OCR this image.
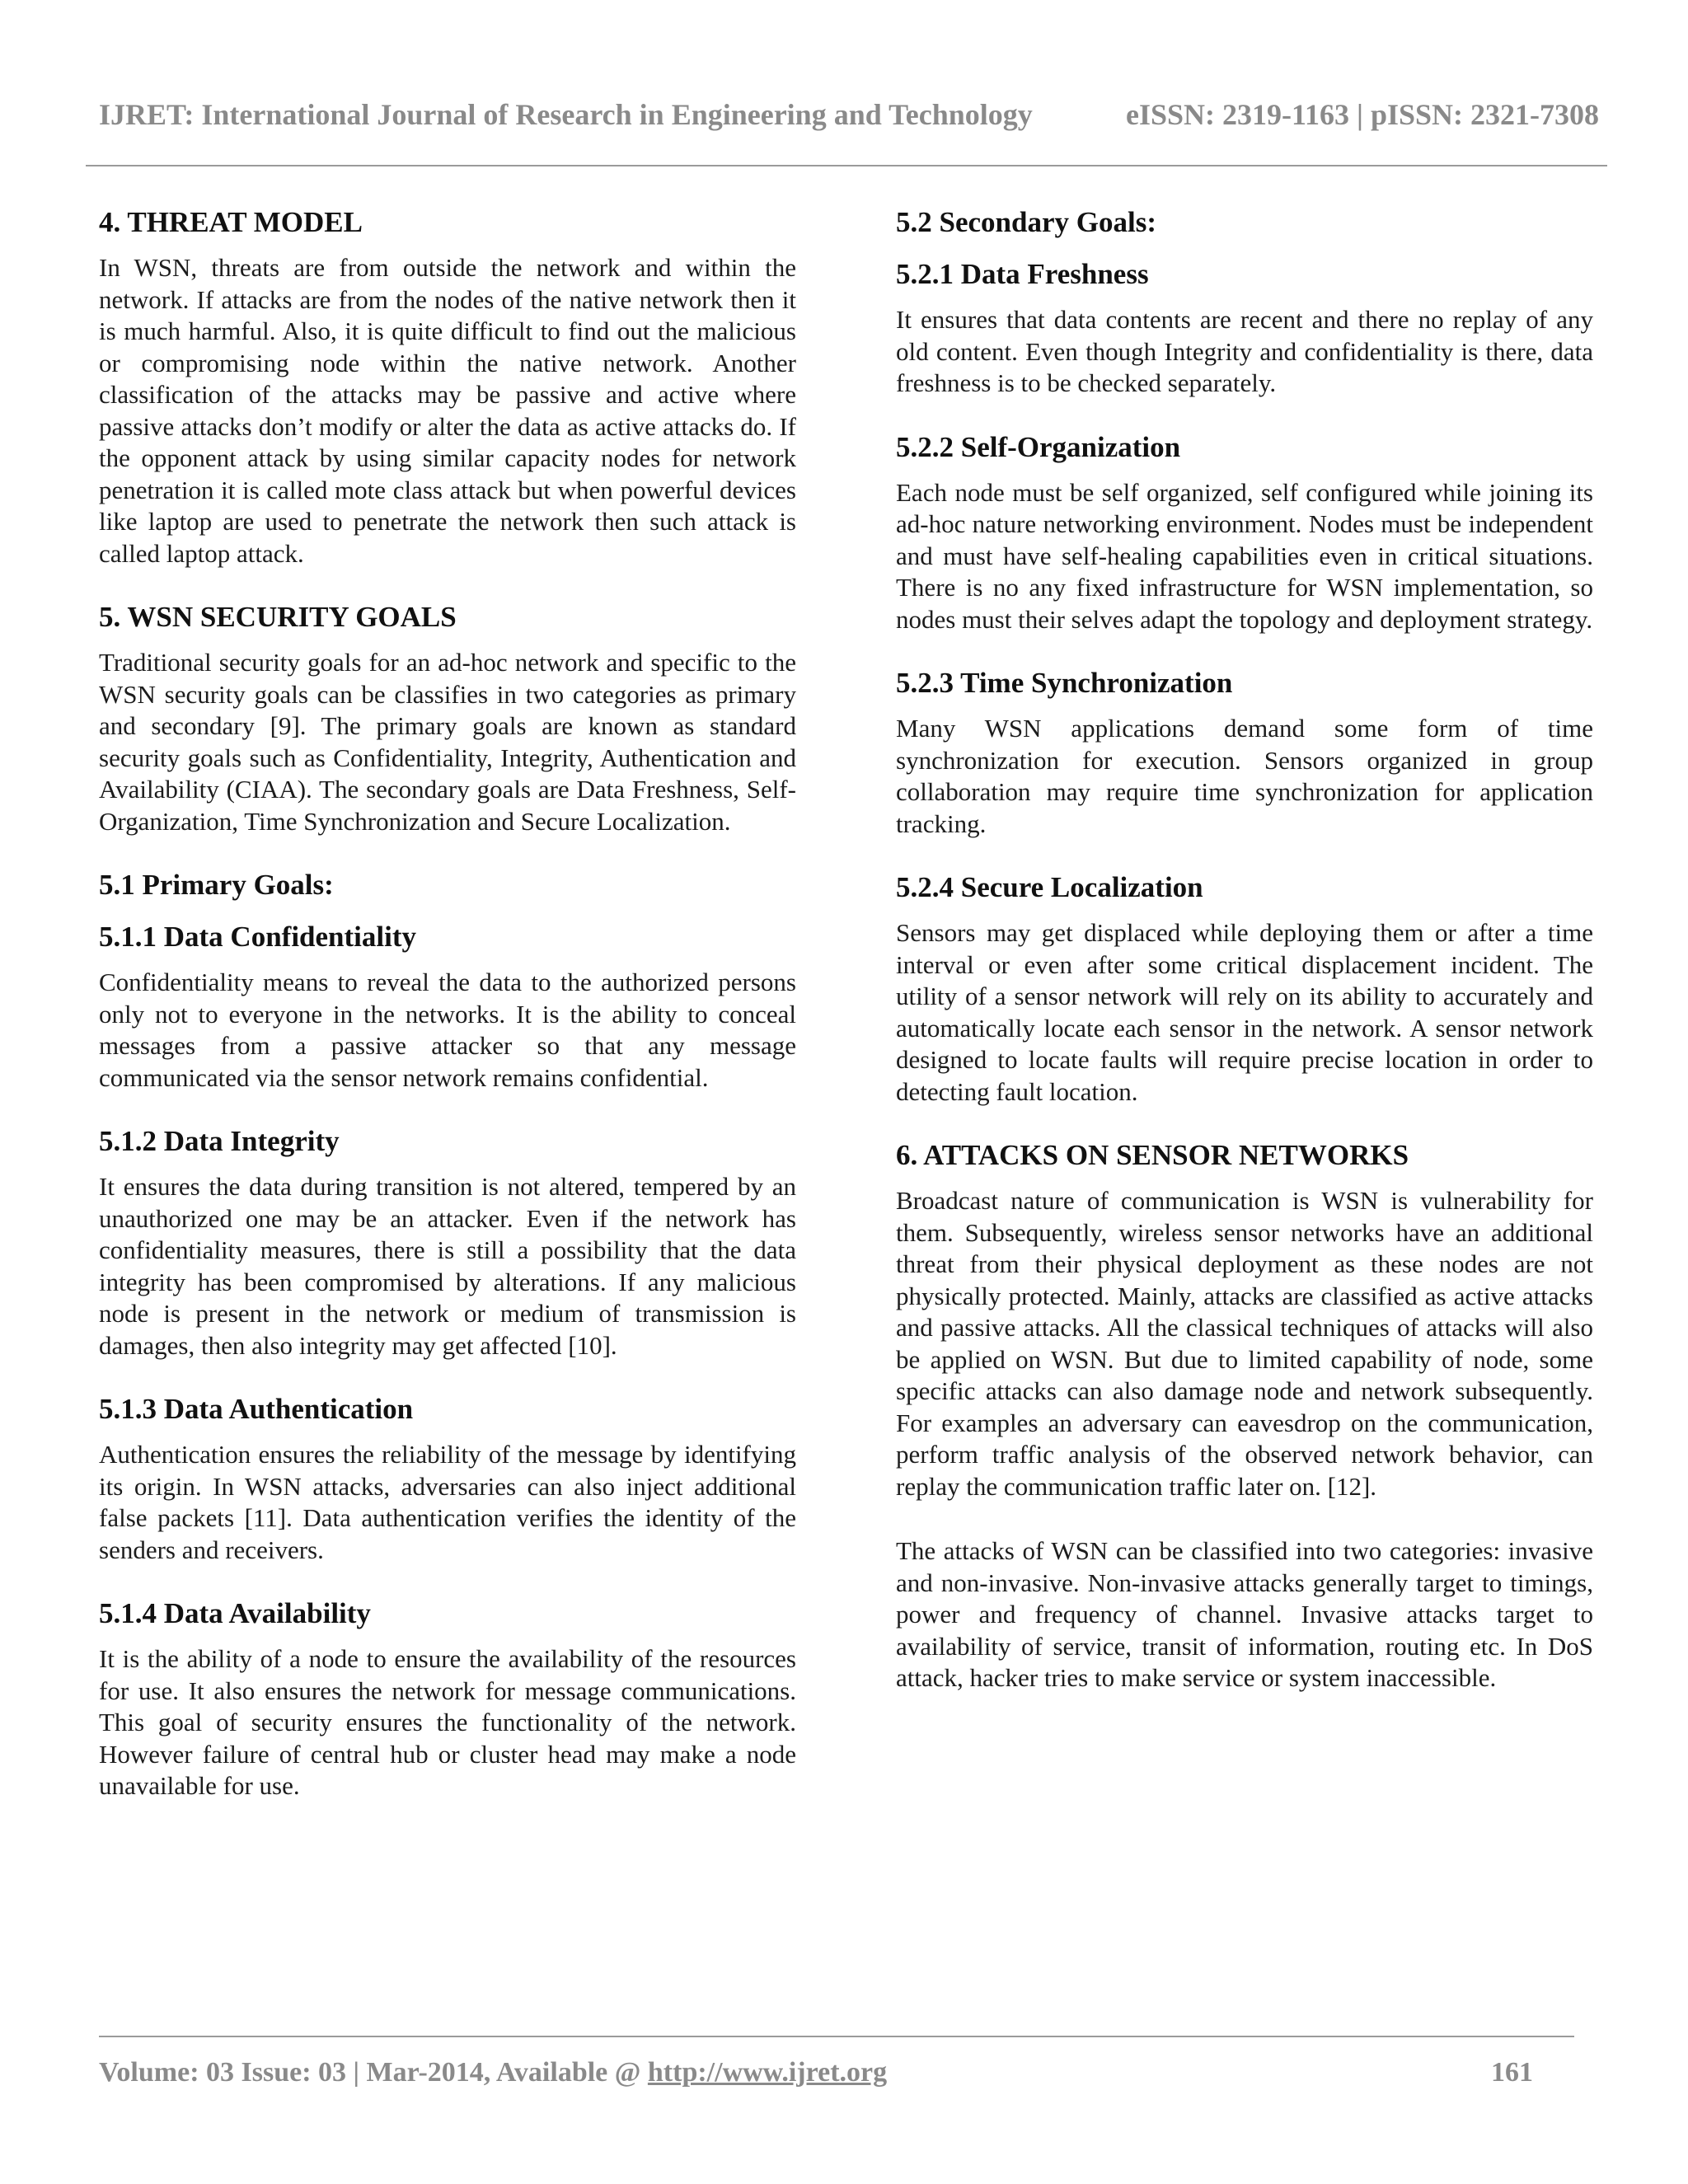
IJRET: International Journal of Research in Engineering and Technology	eISSN: 2319-1163 | pISSN: 2321-7308
4. THREAT MODEL

In WSN, threats are from outside the network and within the network. If attacks are from the nodes of the native network then it is much harmful. Also, it is quite difficult to find out the malicious or compromising node within the native network. Another classification of the attacks may be passive and active where passive attacks don’t modify or alter the data as active attacks do. If the opponent attack by using similar capacity nodes for network penetration it is called mote class attack but when powerful devices like laptop are used to penetrate the network then such attack is called laptop attack.

5. WSN SECURITY GOALS

Traditional security goals for an ad-hoc network and specific to the WSN security goals can be classifies in two categories as primary and secondary [9]. The primary goals are known as standard security goals such as Confidentiality, Integrity, Authentication and Availability (CIAA). The secondary goals are Data Freshness, Self-Organization, Time Synchronization and Secure Localization.

5.1 Primary Goals:
5.1.1 Data Confidentiality

Confidentiality means to reveal the data to the authorized persons only not to everyone in the networks. It is the ability to conceal messages from a passive attacker so that any message communicated via the sensor network remains confidential.

5.1.2 Data Integrity

It ensures the data during transition is not altered, tempered by an unauthorized one may be an attacker. Even if the network has confidentiality measures, there is still a possibility that the data integrity has been compromised by alterations. If any malicious node is present in the network or medium of transmission is damages, then also integrity may get affected [10].

5.1.3 Data Authentication

Authentication ensures the reliability of the message by identifying its origin. In WSN attacks, adversaries can also inject additional false packets [11]. Data authentication verifies the identity of the senders and receivers.

5.1.4 Data Availability

It is the ability of a node to ensure the availability of the resources for use. It also ensures the network for message communications. This goal of security ensures the functionality of the network. However failure of central hub or cluster head may make a node unavailable for use.

5.2 Secondary Goals:
5.2.1 Data Freshness

It ensures that data contents are recent and there no replay of any old content. Even though Integrity and confidentiality is there, data freshness is to be checked separately.

5.2.2 Self-Organization

Each node must be self organized, self configured while joining its ad-hoc nature networking environment. Nodes must be independent and must have self-healing capabilities even in critical situations. There is no any fixed infrastructure for WSN implementation, so nodes must their selves adapt the topology and deployment strategy.

5.2.3 Time Synchronization

Many WSN applications demand some form of time synchronization for execution. Sensors organized in group collaboration may require time synchronization for application tracking.

5.2.4 Secure Localization

Sensors may get displaced while deploying them or after a time interval or even after some critical displacement incident. The utility of a sensor network will rely on its ability to accurately and automatically locate each sensor in the network. A sensor network designed to locate faults will require precise location in order to detecting fault location.

6. ATTACKS ON SENSOR NETWORKS

Broadcast nature of communication is WSN is vulnerability for them. Subsequently, wireless sensor networks have an additional threat from their physical deployment as these nodes are not physically protected. Mainly, attacks are classified as active attacks and passive attacks. All the classical techniques of attacks will also be applied on WSN. But due to limited capability of node, some specific attacks can also damage node and network subsequently. For examples an adversary can eavesdrop on the communication, perform traffic analysis of the observed network behavior, can replay the communication traffic later on. [12].

The attacks of WSN can be classified into two categories: invasive and non-invasive. Non-invasive attacks generally target to timings, power and frequency of channel. Invasive attacks target to availability of service, transit of information, routing etc. In DoS attack, hacker tries to make service or system inaccessible.

Volume: 03 Issue: 03 | Mar-2014, Available @ http://www.ijret.org	161
